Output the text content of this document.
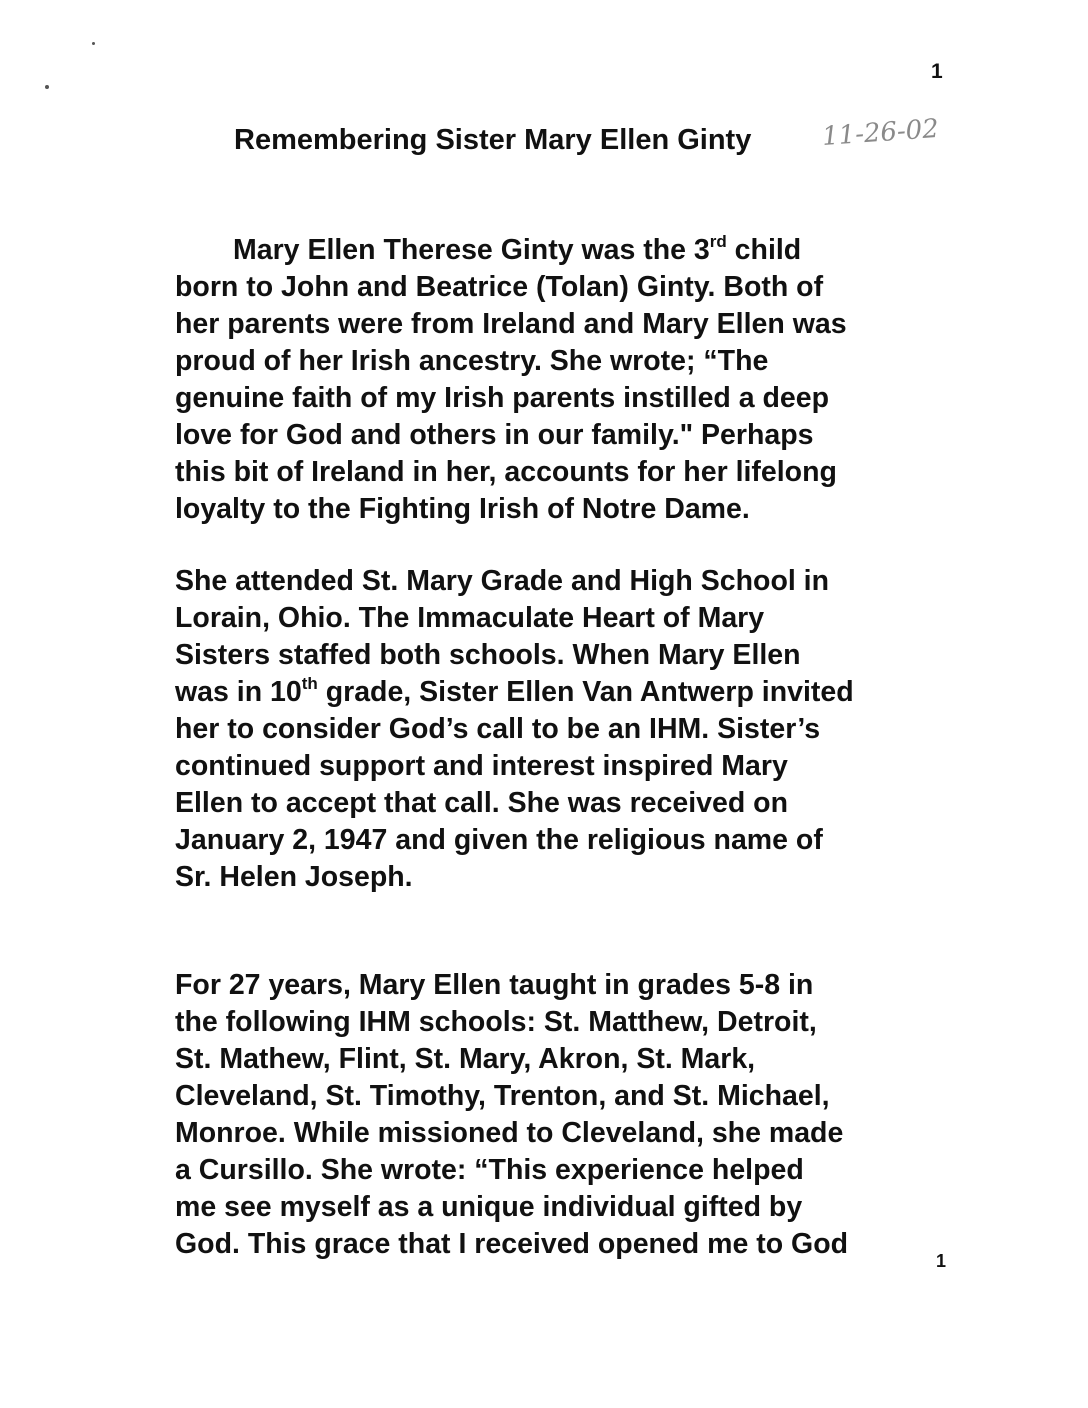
1
Remembering Sister Mary Ellen Ginty	11-26-02

Mary Ellen Therese Ginty was the 3rd child
born to John and Beatrice (Tolan) Ginty. Both of
her parents were from Ireland and Mary Ellen was
proud of her Irish ancestry. She wrote; “The
genuine faith of my Irish parents instilled a deep
love for God and others in our family." Perhaps
this bit of Ireland in her, accounts for her lifelong
loyalty to the Fighting Irish of Notre Dame.

She attended St. Mary Grade and High School in
Lorain, Ohio. The Immaculate Heart of Mary
Sisters staffed both schools. When Mary Ellen
was in 10th grade, Sister Ellen Van Antwerp invited
her to consider God’s call to be an IHM. Sister’s
continued support and interest inspired Mary
Ellen to accept that call. She was received on
January 2, 1947 and given the religious name of
Sr. Helen Joseph.

For 27 years, Mary Ellen taught in grades 5-8 in
the following IHM schools: St. Matthew, Detroit,
St. Mathew, Flint, St. Mary, Akron, St. Mark,
Cleveland, St. Timothy, Trenton, and St. Michael,
Monroe. While missioned to Cleveland, she made
a Cursillo. She wrote: “This experience helped
me see myself as a unique individual gifted by
God. This grace that I received opened me to God

1
